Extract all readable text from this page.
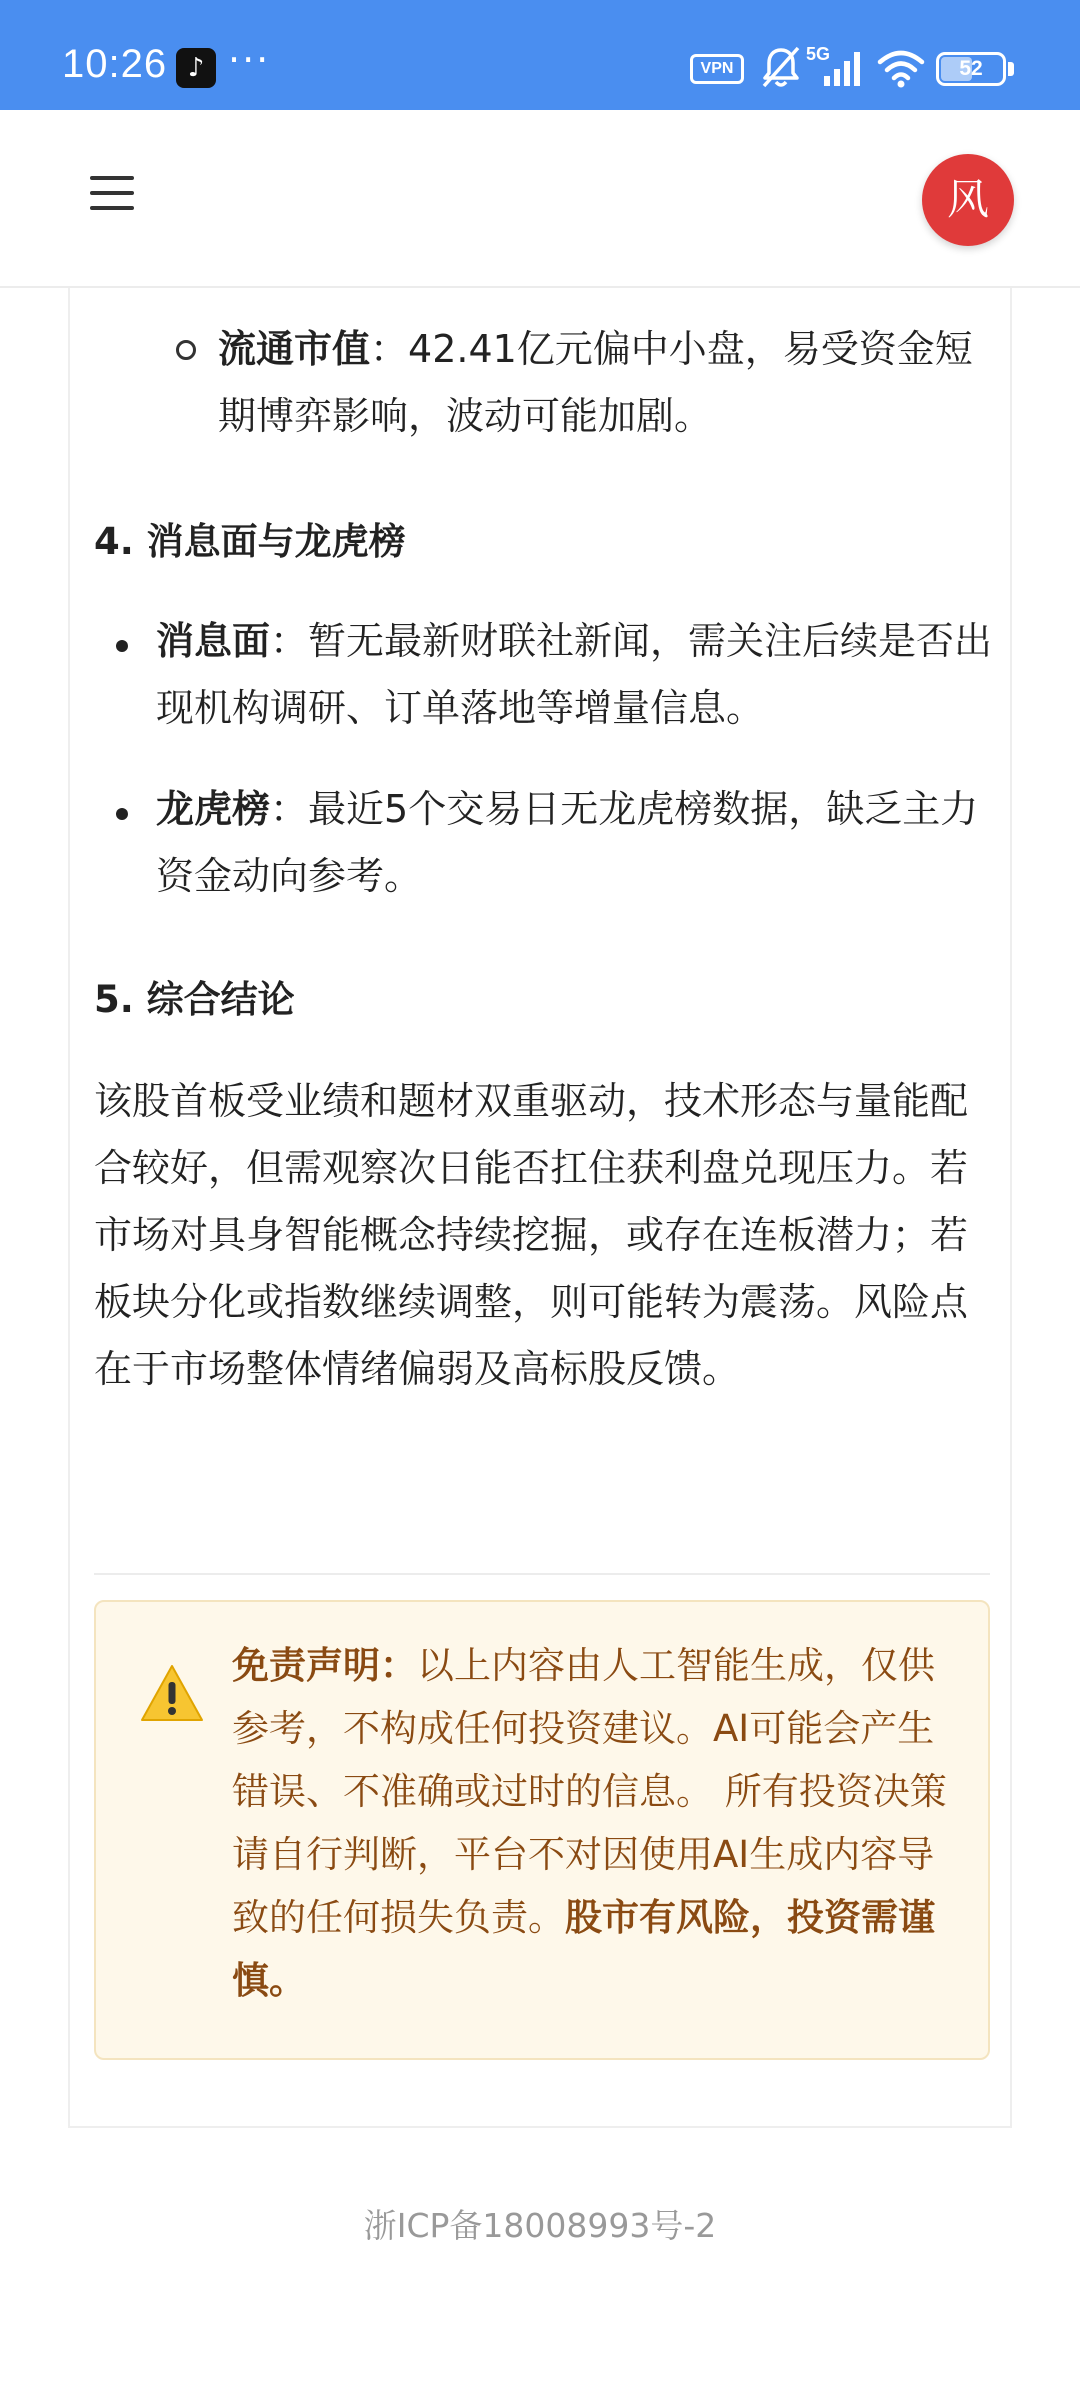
10:26 ♪ ···	VPN
5G
52
风
流通市值：42.41亿元偏中小盘，易受资金短期博弈影响，波动可能加剧。
4. 消息面与龙虎榜
消息面：暂无最新财联社新闻，需关注后续是否出现机构调研、订单落地等增量信息。
龙虎榜：最近5个交易日无龙虎榜数据，缺乏主力资金动向参考。
5. 综合结论
该股首板受业绩和题材双重驱动，技术形态与量能配合较好，但需观察次日能否扛住获利盘兑现压力。若市场对具身智能概念持续挖掘，或存在连板潜力；若板块分化或指数继续调整，则可能转为震荡。风险点在于市场整体情绪偏弱及高标股反馈。
免责声明：以上内容由人工智能生成，仅供参考，不构成任何投资建议。AI可能会产生错误、不准确或过时的信息。 所有投资决策请自行判断，平台不对因使用AI生成内容导致的任何损失负责。股市有风险，投资需谨慎。
浙ICP备18008993号-2
